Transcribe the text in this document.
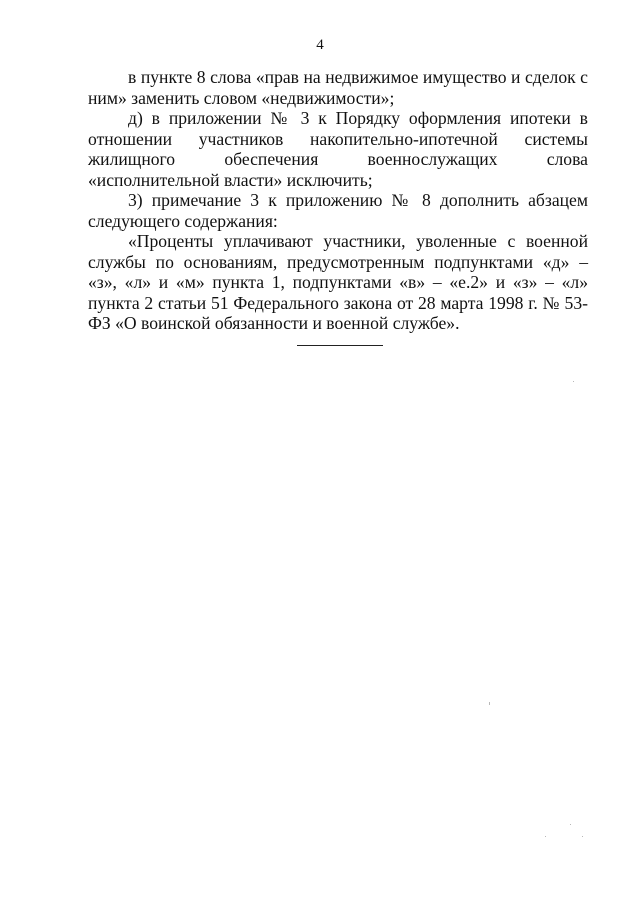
4

в пункте 8 слова «прав на недвижимое имущество и сделок с ним» заменить словом «недвижимости»;

д) в приложении № 3 к Порядку оформления ипотеки в отношении участников накопительно-ипотечной системы жилищного обеспечения военнослужащих слова «исполнительной власти» исключить;

3) примечание 3 к приложению № 8 дополнить абзацем следующего содержания:

«Проценты уплачивают участники, уволенные с военной службы по основаниям, предусмотренным подпунктами «д» – «з», «л» и «м» пункта 1, подпунктами «в» – «е.2» и «з» – «л» пункта 2 статьи 51 Федерального закона от 28 марта 1998 г. № 53-ФЗ «О воинской обязанности и военной службе».
